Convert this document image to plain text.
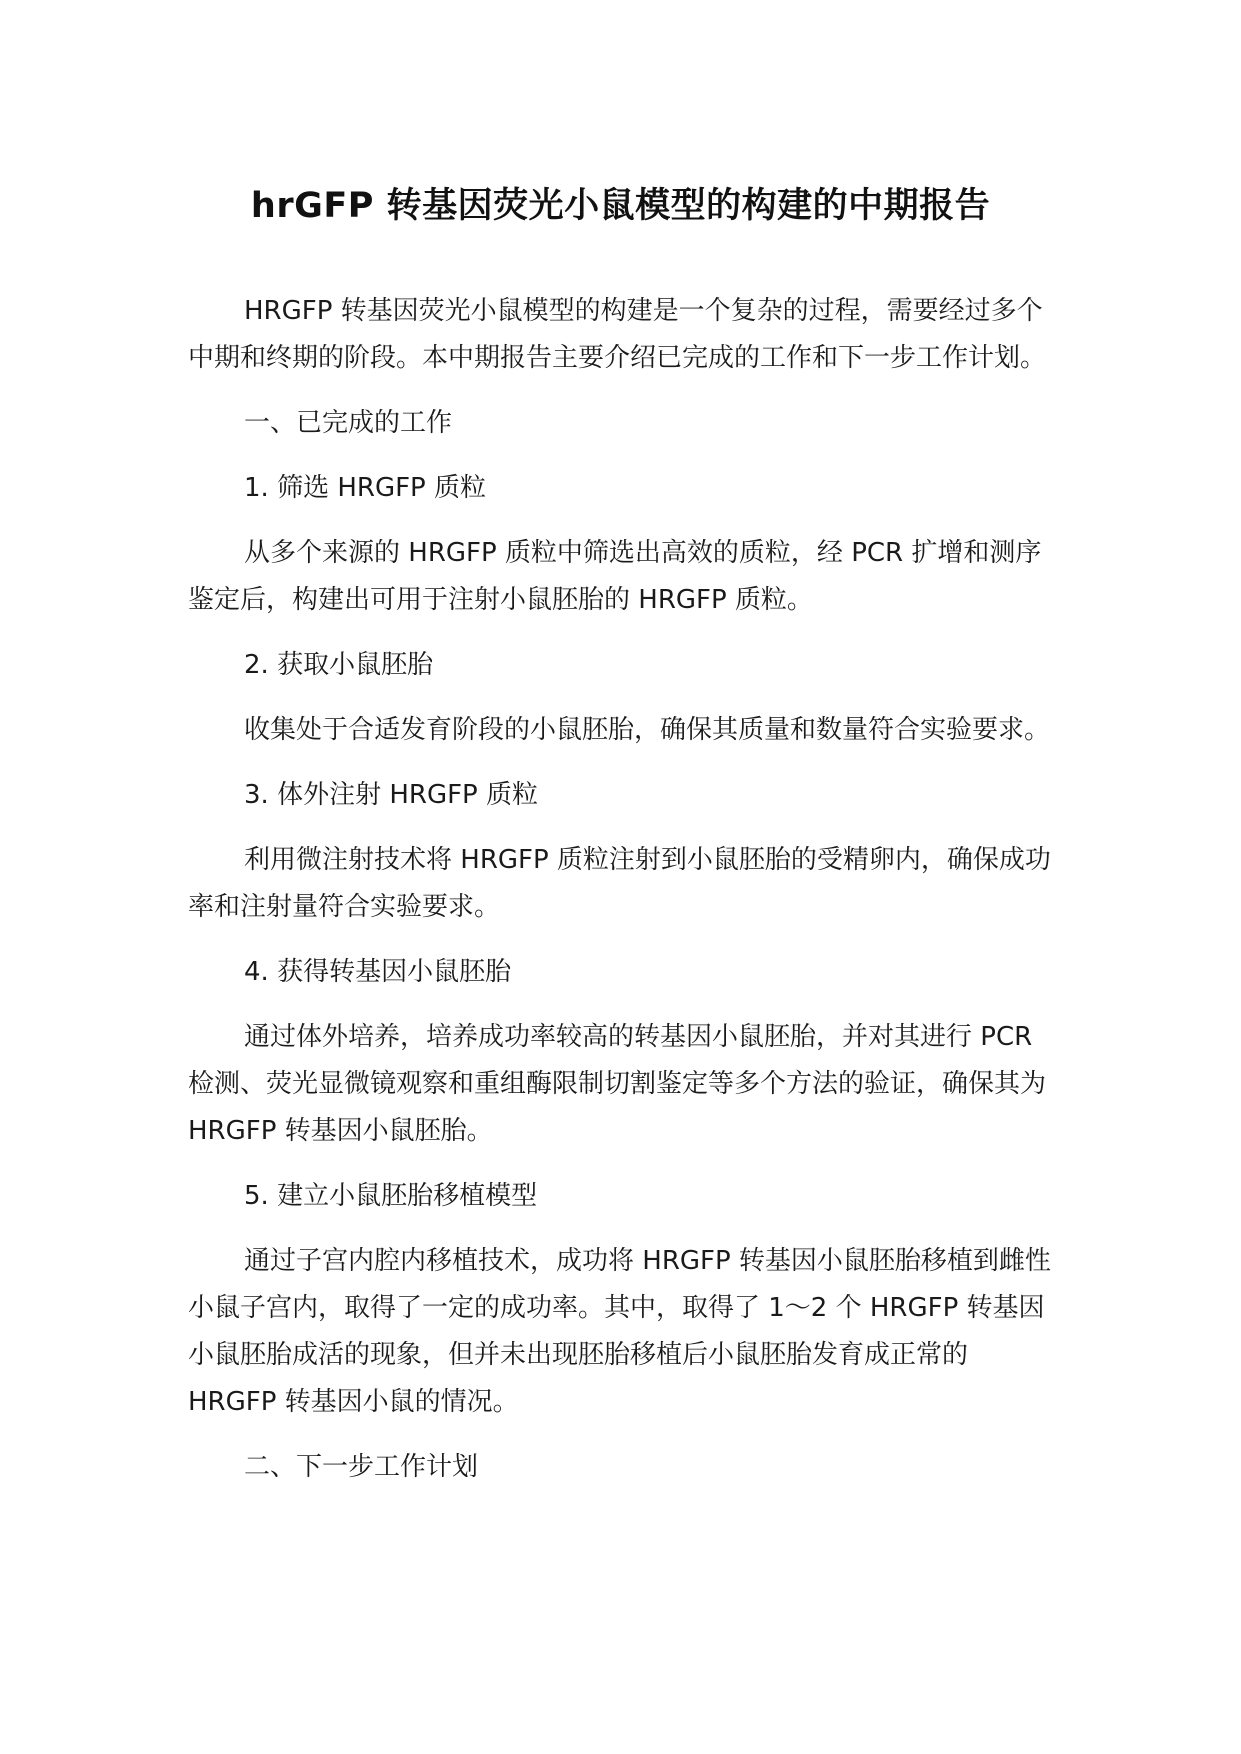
hrGFP 转基因荧光小鼠模型的构建的中期报告

HRGFP 转基因荧光小鼠模型的构建是一个复杂的过程，需要经过多个中期和终期的阶段。本中期报告主要介绍已完成的工作和下一步工作计划。

一、已完成的工作

1. 筛选 HRGFP 质粒

从多个来源的 HRGFP 质粒中筛选出高效的质粒，经 PCR 扩增和测序鉴定后，构建出可用于注射小鼠胚胎的 HRGFP 质粒。

2. 获取小鼠胚胎

收集处于合适发育阶段的小鼠胚胎，确保其质量和数量符合实验要求。

3. 体外注射 HRGFP 质粒

利用微注射技术将 HRGFP 质粒注射到小鼠胚胎的受精卵内，确保成功率和注射量符合实验要求。

4. 获得转基因小鼠胚胎

通过体外培养，培养成功率较高的转基因小鼠胚胎，并对其进行 PCR 检测、荧光显微镜观察和重组酶限制切割鉴定等多个方法的验证，确保其为 HRGFP 转基因小鼠胚胎。

5. 建立小鼠胚胎移植模型

通过子宫内腔内移植技术，成功将 HRGFP 转基因小鼠胚胎移植到雌性小鼠子宫内，取得了一定的成功率。其中，取得了 1～2 个 HRGFP 转基因小鼠胚胎成活的现象，但并未出现胚胎移植后小鼠胚胎发育成正常的 HRGFP 转基因小鼠的情况。

二、下一步工作计划
